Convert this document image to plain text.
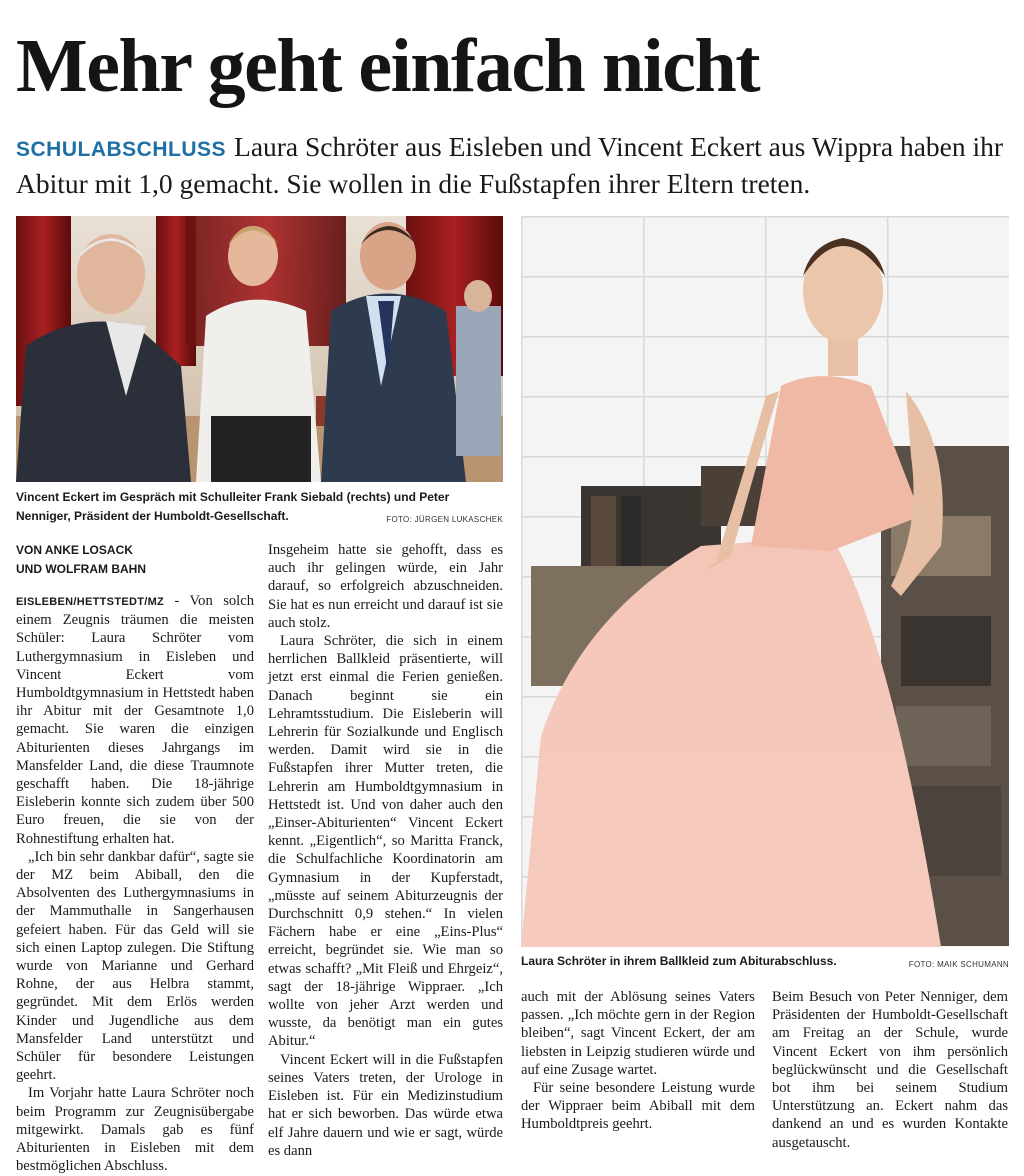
Mehr geht einfach nicht
SCHULABSCHLUSS Laura Schröter aus Eisleben und Vincent Eckert aus Wippra haben ihr Abitur mit 1,0 gemacht. Sie wollen in die Fußstapfen ihrer Eltern treten.
Vincent Eckert im Gespräch mit Schulleiter Frank Siebald (rechts) und Peter Nenniger, Präsident der Humboldt-Gesellschaft.	FOTO: JÜRGEN LUKASCHEK
Laura Schröter in ihrem Ballkleid zum Abiturabschluss.	FOTO: MAIK SCHUMANN
VON ANKE LOSACK
UND WOLFRAM BAHN

EISLEBEN/HETTSTEDT/MZ - Von solch einem Zeugnis träumen die meisten Schüler: Laura Schröter vom Luthergymnasium in Eisleben und Vincent Eckert vom Humboldtgymnasium in Hettstedt haben ihr Abitur mit der Gesamtnote 1,0 gemacht. Sie waren die einzigen Abiturienten dieses Jahrgangs im Mansfelder Land, die diese Traumnote geschafft haben. Die 18-jährige Eisleberin konnte sich zudem über 500 Euro freuen, die sie von der Rohnestiftung erhalten hat.

„Ich bin sehr dankbar dafür“, sagte sie der MZ beim Abiball, den die Absolventen des Luthergymnasiums in der Mammuthalle in Sangerhausen gefeiert haben. Für das Geld will sie sich einen Laptop zulegen. Die Stiftung wurde von Marianne und Gerhard Rohne, der aus Helbra stammt, gegründet. Mit dem Erlös werden Kinder und Jugendliche aus dem Mansfelder Land unterstützt und Schüler für besondere Leistungen geehrt.

Im Vorjahr hatte Laura Schröter noch beim Programm zur Zeugnisübergabe mitgewirkt. Damals gab es fünf Abiturienten in Eisleben mit dem bestmöglichen Abschluss.

Insgeheim hatte sie gehofft, dass es auch ihr gelingen würde, ein Jahr darauf, so erfolgreich abzuschneiden. Sie hat es nun erreicht und darauf ist sie auch stolz.

Laura Schröter, die sich in einem herrlichen Ballkleid präsentierte, will jetzt erst einmal die Ferien genießen. Danach beginnt sie ein Lehramtsstudium. Die Eisleberin will Lehrerin für Sozialkunde und Englisch werden. Damit wird sie in die Fußstapfen ihrer Mutter treten, die Lehrerin am Humboldtgymnasium in Hettstedt ist. Und von daher auch den „Einser-Abiturienten“ Vincent Eckert kennt. „Eigentlich“, so Maritta Franck, die Schulfachliche Koordinatorin am Gymnasium in der Kupferstadt, „müsste auf seinem Abiturzeugnis der Durchschnitt 0,9 stehen.“ In vielen Fächern habe er eine „Eins-Plus“ erreicht, begründet sie. Wie man so etwas schafft? „Mit Fleiß und Ehrgeiz“, sagt der 18-jährige Wippraer. „Ich wollte von jeher Arzt werden und wusste, da benötigt man ein gutes Abitur.“

Vincent Eckert will in die Fußstapfen seines Vaters treten, der Urologe in Eisleben ist. Für ein Medizinstudium hat er sich beworben. Das würde etwa elf Jahre dauern und wie er sagt, würde es dann

auch mit der Ablösung seines Vaters passen. „Ich möchte gern in der Region bleiben“, sagt Vincent Eckert, der am liebsten in Leipzig studieren würde und auf eine Zusage wartet.

Für seine besondere Leistung wurde der Wippraer beim Abiball mit dem Humboldtpreis geehrt.

Beim Besuch von Peter Nenniger, dem Präsidenten der Humboldt-Gesellschaft am Freitag an der Schule, wurde Vincent Eckert von ihm persönlich beglückwünscht und die Gesellschaft bot ihm bei seinem Studium Unterstützung an. Eckert nahm das dankend an und es wurden Kontakte ausgetauscht.
